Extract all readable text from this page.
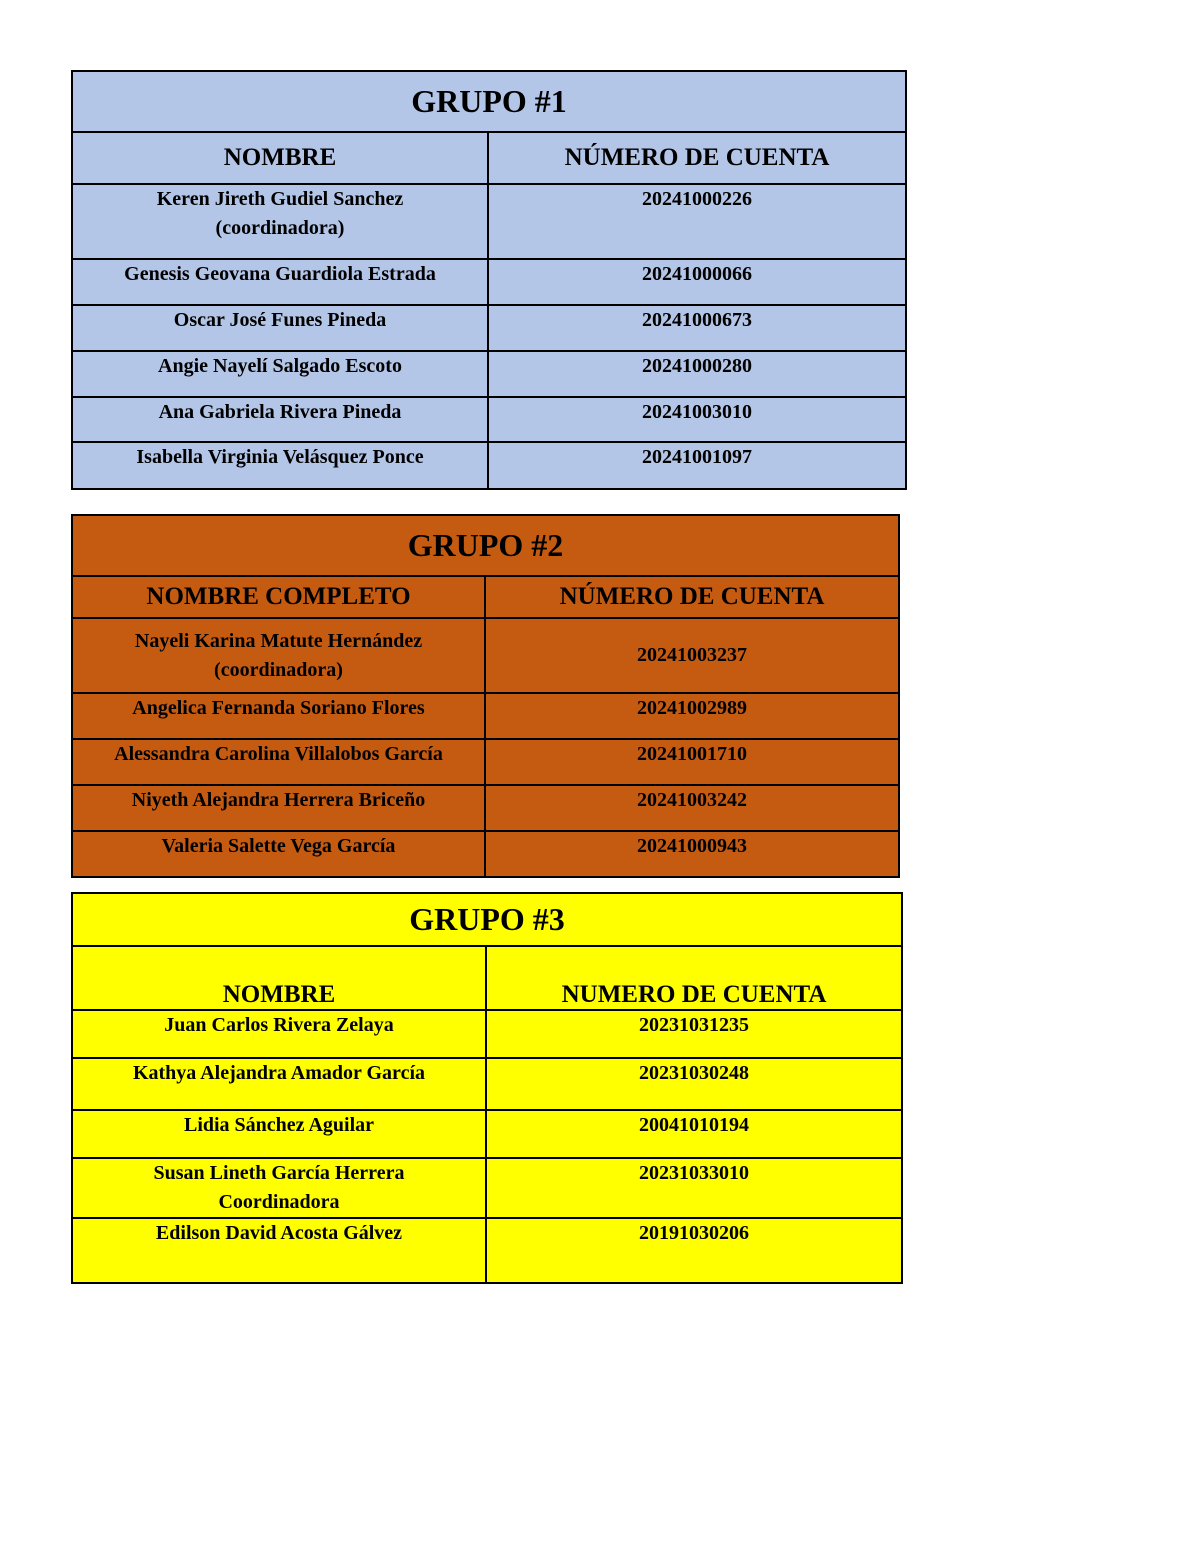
GRUPO #1	
NOMBRE	NÚMERO DE CUENTA
Keren Jireth Gudiel Sanchez
(coordinadora)	20241000226
Genesis Geovana Guardiola Estrada	20241000066
Oscar José Funes Pineda	20241000673
Angie Nayelí Salgado Escoto	20241000280
Ana Gabriela Rivera Pineda	20241003010
Isabella Virginia Velásquez Ponce	20241001097
GRUPO #2	
NOMBRE COMPLETO	NÚMERO DE CUENTA
Nayeli Karina Matute Hernández
(coordinadora)	20241003237
Angelica Fernanda Soriano Flores	20241002989
Alessandra Carolina Villalobos García	20241001710
Niyeth Alejandra Herrera Briceño	20241003242
Valeria Salette Vega García	20241000943
GRUPO #3	
NOMBRE	NUMERO DE CUENTA
Juan Carlos Rivera Zelaya	20231031235
Kathya Alejandra Amador García	20231030248
Lidia Sánchez Aguilar	20041010194
Susan Lineth García Herrera
Coordinadora	20231033010
Edilson David Acosta Gálvez	20191030206
